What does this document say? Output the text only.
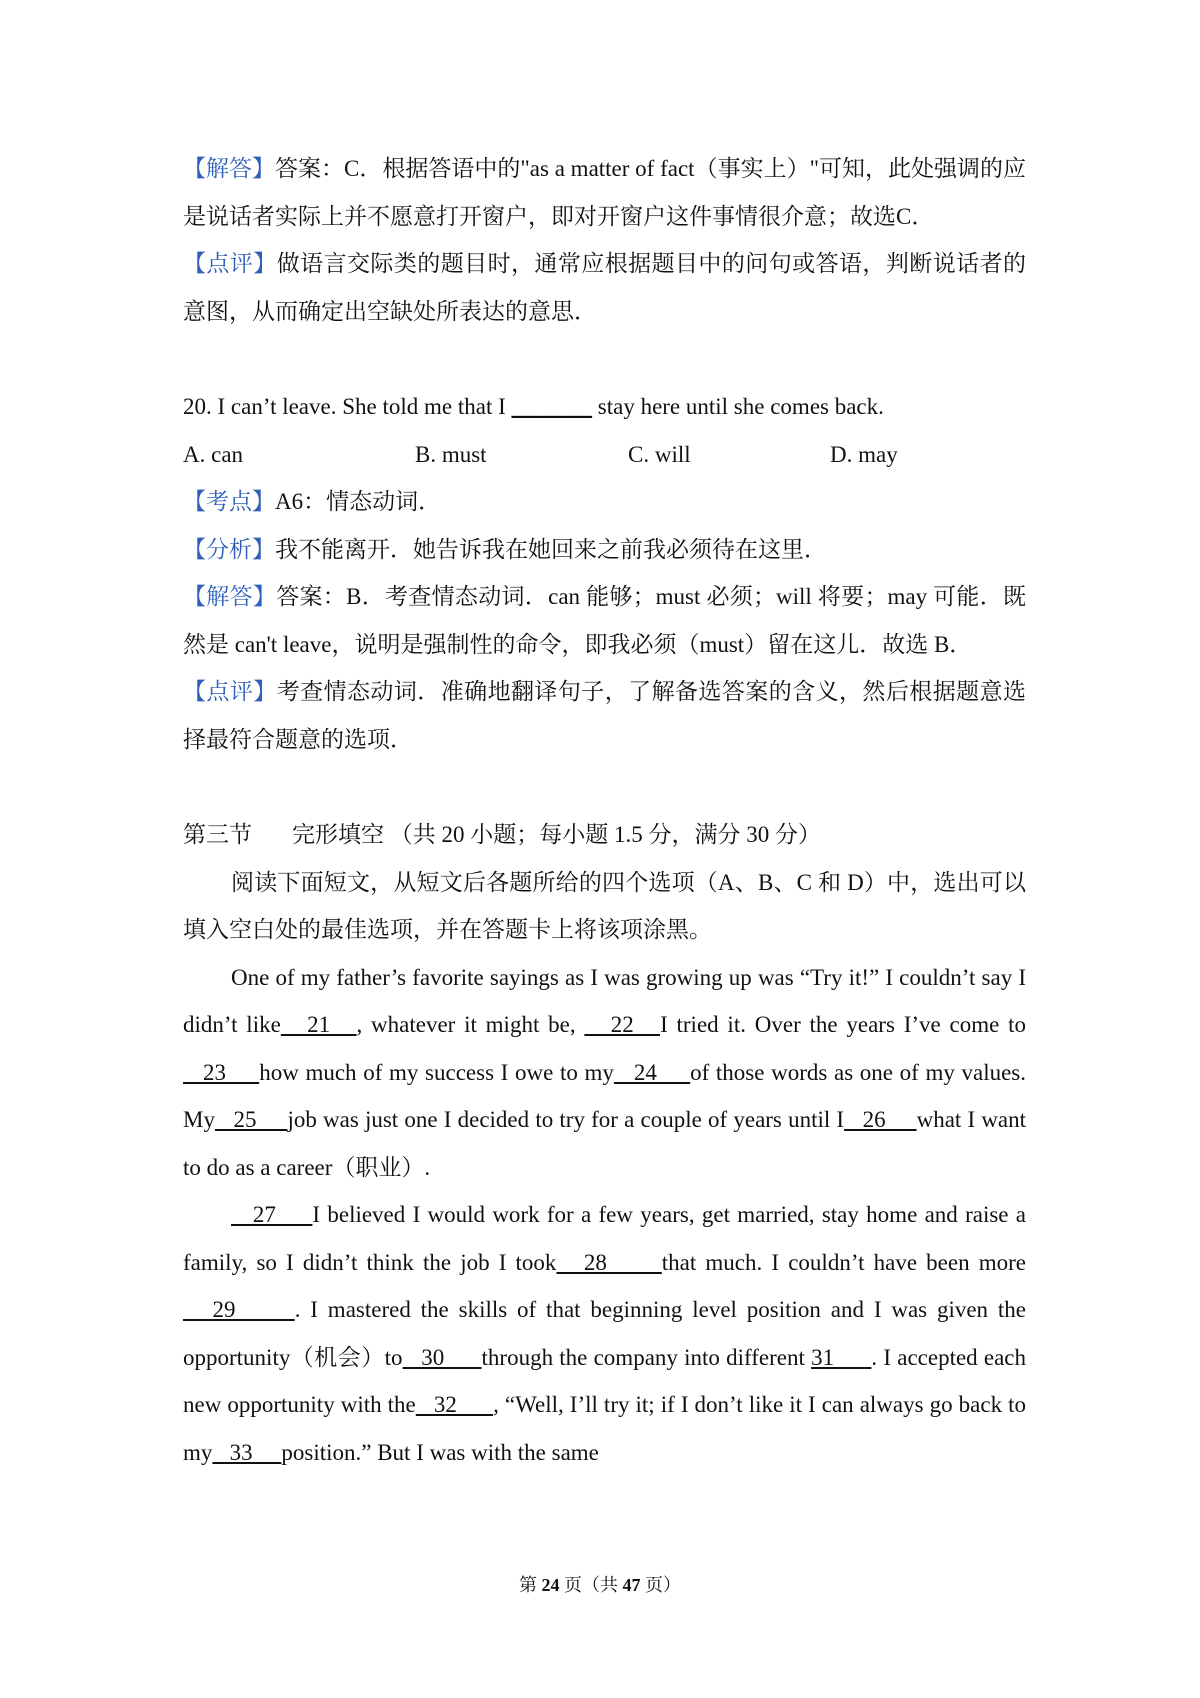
【解答】答案：C．根据答语中的"as a matter of fact（事实上）"可知，此处强调的应是说话者实际上并不愿意打开窗户，即对开窗户这件事情很介意；故选C．

【点评】做语言交际类的题目时，通常应根据题目中的问句或答语，判断说话者的意图，从而确定出空缺处所表达的意思．

20. I can’t leave. She told me that I _______ stay here until she comes back.

A. can	B. must	C. will	D. may

【考点】A6：情态动词．

【分析】我不能离开．她告诉我在她回来之前我必须待在这里．

【解答】答案：B．考查情态动词．can 能够；must 必须；will 将要；may 可能．既然是 can't leave，说明是强制性的命令，即我必须（must）留在这儿．故选 B．

【点评】考查情态动词．准确地翻译句子，了解备选答案的含义，然后根据题意选择最符合题意的选项．

第三节 完形填空 （共 20 小题；每小题 1.5 分，满分 30 分）

阅读下面短文，从短文后各题所给的四个选项（A、B、C 和 D）中，选出可以填入空白处的最佳选项，并在答题卡上将该项涂黑。

One of my father’s favorite sayings as I was growing up was “Try it!” I couldn’t say I didn’t like   21   , whatever it might be,    22   I tried it. Over the years I’ve come to   23     how much of my success I owe to my   24     of those words as one of my values. My   25     job was just one I decided to try for a couple of years until I   26     what I want to do as a career（职业）.

27     I believed I would work for a few years, get married, stay home and raise a family, so I didn’t think the job I took   28      that much. I couldn’t have been more   29      . I mastered the skills of that beginning level position and I was given the opportunity（机会）to   30      through the company into different 31      . I accepted each new opportunity with the   32      , “Well, I’ll try it; if I don’t like it I can always go back to my   33     position.” But I was with the same

第 24 页（共 47 页）
